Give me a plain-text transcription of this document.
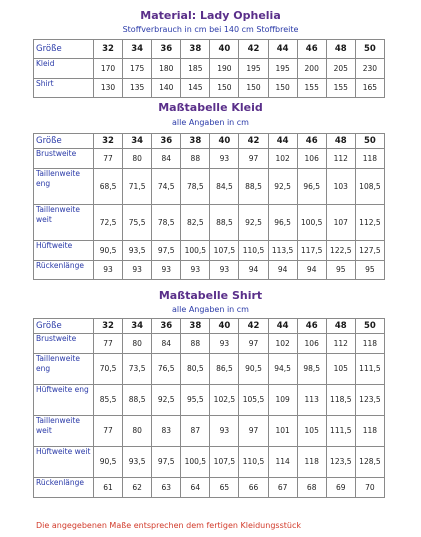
Material: Lady Ophelia
Stoffverbrauch in cm bei 140 cm Stoffbreite
Größe	32	34	36	38	40	42	44	46	48	50
Kleid	170	175	180	185	190	195	195	200	205	230
Shirt	130	135	140	145	150	150	150	155	155	165
Maßtabelle Kleid
alle Angaben in cm
Größe	32	34	36	38	40	42	44	46	48	50
Brustweite	77	80	84	88	93	97	102	106	112	118
Taillenweite eng	68,5	71,5	74,5	78,5	84,5	88,5	92,5	96,5	103	108,5
Taillenweite weit	72,5	75,5	78,5	82,5	88,5	92,5	96,5	100,5	107	112,5
Hüftweite	90,5	93,5	97,5	100,5	107,5	110,5	113,5	117,5	122,5	127,5
Rückenlänge	93	93	93	93	93	94	94	94	95	95
Maßtabelle Shirt
alle Angaben in cm
Größe	32	34	36	38	40	42	44	46	48	50
Brustweite	77	80	84	88	93	97	102	106	112	118
Taillenweite eng	70,5	73,5	76,5	80,5	86,5	90,5	94,5	98,5	105	111,5
Hüftweite eng	85,5	88,5	92,5	95,5	102,5	105,5	109	113	118,5	123,5
Taillenweite weit	77	80	83	87	93	97	101	105	111,5	118
Hüftweite weit	90,5	93,5	97,5	100,5	107,5	110,5	114	118	123,5	128,5
Rückenlänge	61	62	63	64	65	66	67	68	69	70
Die angegebenen Maße entsprechen dem fertigen Kleidungsstück
